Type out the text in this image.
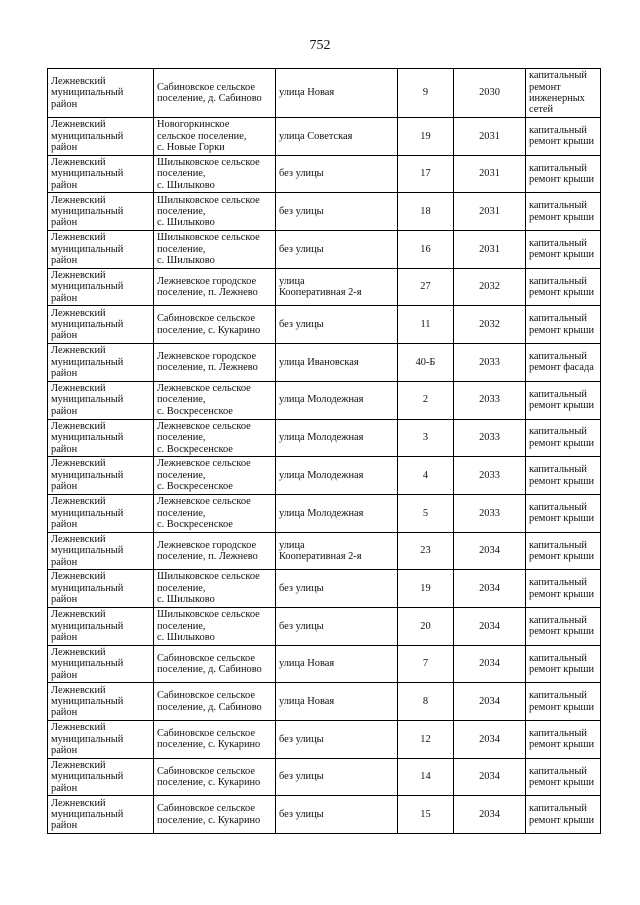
752
Лежневский
муниципальный
район	Сабиновское сельское
поселение, д. Сабиново	улица Новая	9	2030	капитальный
ремонт
инженерных
сетей

Лежневский
муниципальный
район	Новогоркинское
сельское поселение,
с. Новые Горки	улица Советская	19	2031	капитальный
ремонт крыши

Лежневский
муниципальный
район	Шилыковское сельское
поселение,
с. Шилыково	без улицы	17	2031	капитальный
ремонт крыши

Лежневский
муниципальный
район	Шилыковское сельское
поселение,
с. Шилыково	без улицы	18	2031	капитальный
ремонт крыши

Лежневский
муниципальный
район	Шилыковское сельское
поселение,
с. Шилыково	без улицы	16	2031	капитальный
ремонт крыши

Лежневский
муниципальный
район	Лежневское городское
поселение, п. Лежнево	улица
Кооперативная 2-я	27	2032	капитальный
ремонт крыши

Лежневский
муниципальный
район	Сабиновское сельское
поселение, с. Кукарино	без улицы	11	2032	капитальный
ремонт крыши

Лежневский
муниципальный
район	Лежневское городское
поселение, п. Лежнево	улица Ивановская	40-Б	2033	капитальный
ремонт фасада

Лежневский
муниципальный
район	Лежневское сельское
поселение,
с. Воскресенское	улица Молодежная	2	2033	капитальный
ремонт крыши

Лежневский
муниципальный
район	Лежневское сельское
поселение,
с. Воскресенское	улица Молодежная	3	2033	капитальный
ремонт крыши

Лежневский
муниципальный
район	Лежневское сельское
поселение,
с. Воскресенское	улица Молодежная	4	2033	капитальный
ремонт крыши

Лежневский
муниципальный
район	Лежневское сельское
поселение,
с. Воскресенское	улица Молодежная	5	2033	капитальный
ремонт крыши

Лежневский
муниципальный
район	Лежневское городское
поселение, п. Лежнево	улица
Кооперативная 2-я	23	2034	капитальный
ремонт крыши

Лежневский
муниципальный
район	Шилыковское сельское
поселение,
с. Шилыково	без улицы	19	2034	капитальный
ремонт крыши

Лежневский
муниципальный
район	Шилыковское сельское
поселение,
с. Шилыково	без улицы	20	2034	капитальный
ремонт крыши

Лежневский
муниципальный
район	Сабиновское сельское
поселение, д. Сабиново	улица Новая	7	2034	капитальный
ремонт крыши

Лежневский
муниципальный
район	Сабиновское сельское
поселение, д. Сабиново	улица Новая	8	2034	капитальный
ремонт крыши

Лежневский
муниципальный
район	Сабиновское сельское
поселение, с. Кукарино	без улицы	12	2034	капитальный
ремонт крыши

Лежневский
муниципальный
район	Сабиновское сельское
поселение, с. Кукарино	без улицы	14	2034	капитальный
ремонт крыши

Лежневский
муниципальный
район	Сабиновское сельское
поселение, с. Кукарино	без улицы	15	2034	капитальный
ремонт крыши
